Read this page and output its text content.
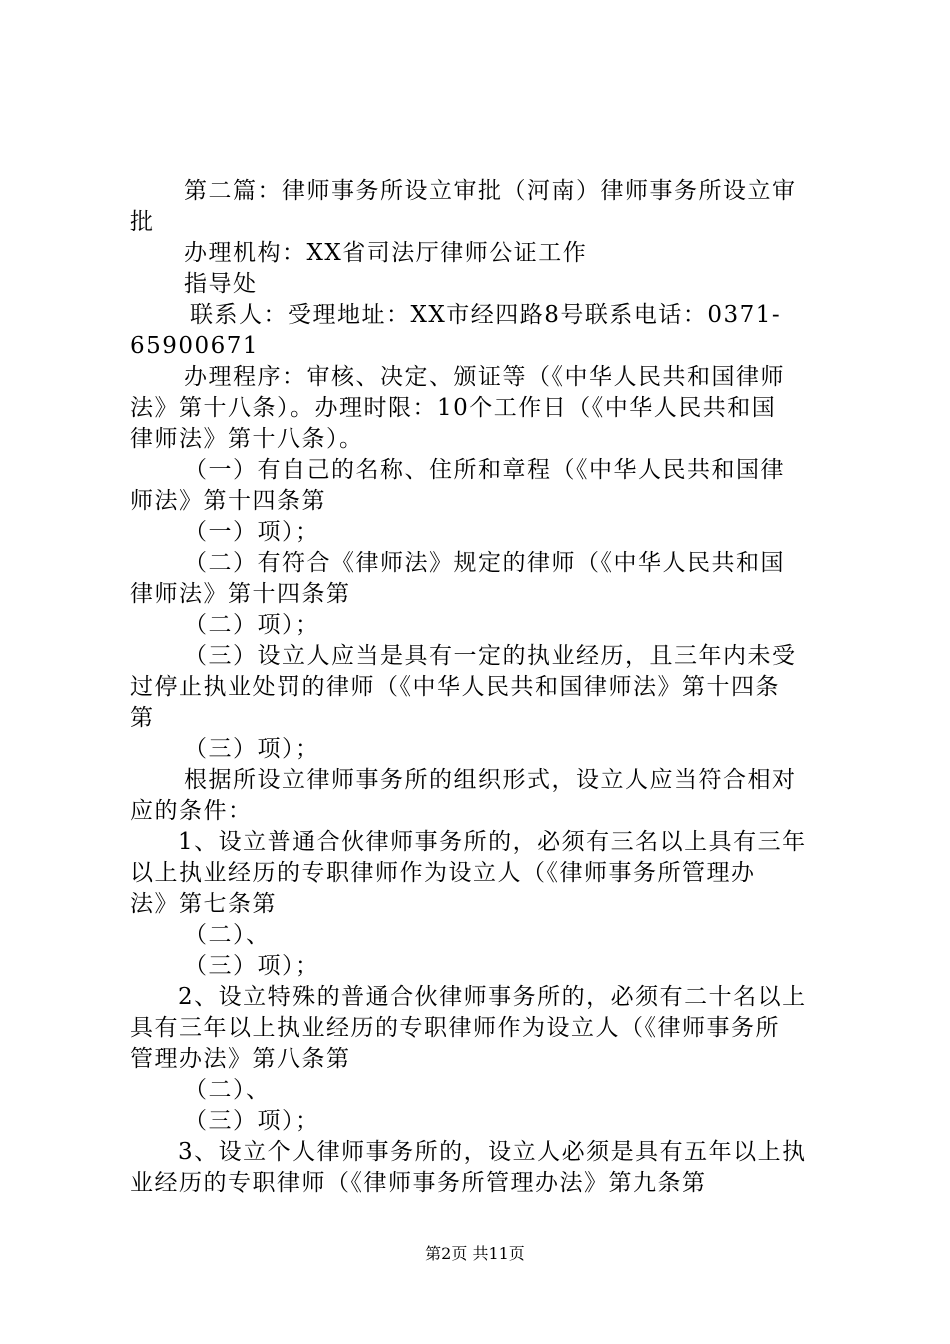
第二篇：律师事务所设立审批（河南）律师事务所设立审
批
办理机构：XX省司法厅律师公证工作
指导处
联系人：受理地址：XX市经四路8号联系电话：0371-
65900671
办理程序：审核、决定、颁证等（《中华人民共和国律师
法》第十八条）。办理时限：10个工作日（《中华人民共和国
律师法》第十八条）。
（一）有自己的名称、住所和章程（《中华人民共和国律
师法》第十四条第
（一）项）；
（二）有符合《律师法》规定的律师（《中华人民共和国
律师法》第十四条第
（二）项）；
（三）设立人应当是具有一定的执业经历，且三年内未受
过停止执业处罚的律师（《中华人民共和国律师法》第十四条
第
（三）项）；
根据所设立律师事务所的组织形式，设立人应当符合相对
应的条件：
1、设立普通合伙律师事务所的，必须有三名以上具有三年
以上执业经历的专职律师作为设立人（《律师事务所管理办
法》第七条第
（二）、
（三）项）；
2、设立特殊的普通合伙律师事务所的，必须有二十名以上
具有三年以上执业经历的专职律师作为设立人（《律师事务所
管理办法》第八条第
（二）、
（三）项）；
3、设立个人律师事务所的，设立人必须是具有五年以上执
业经历的专职律师（《律师事务所管理办法》第九条第
第2页 共11页
